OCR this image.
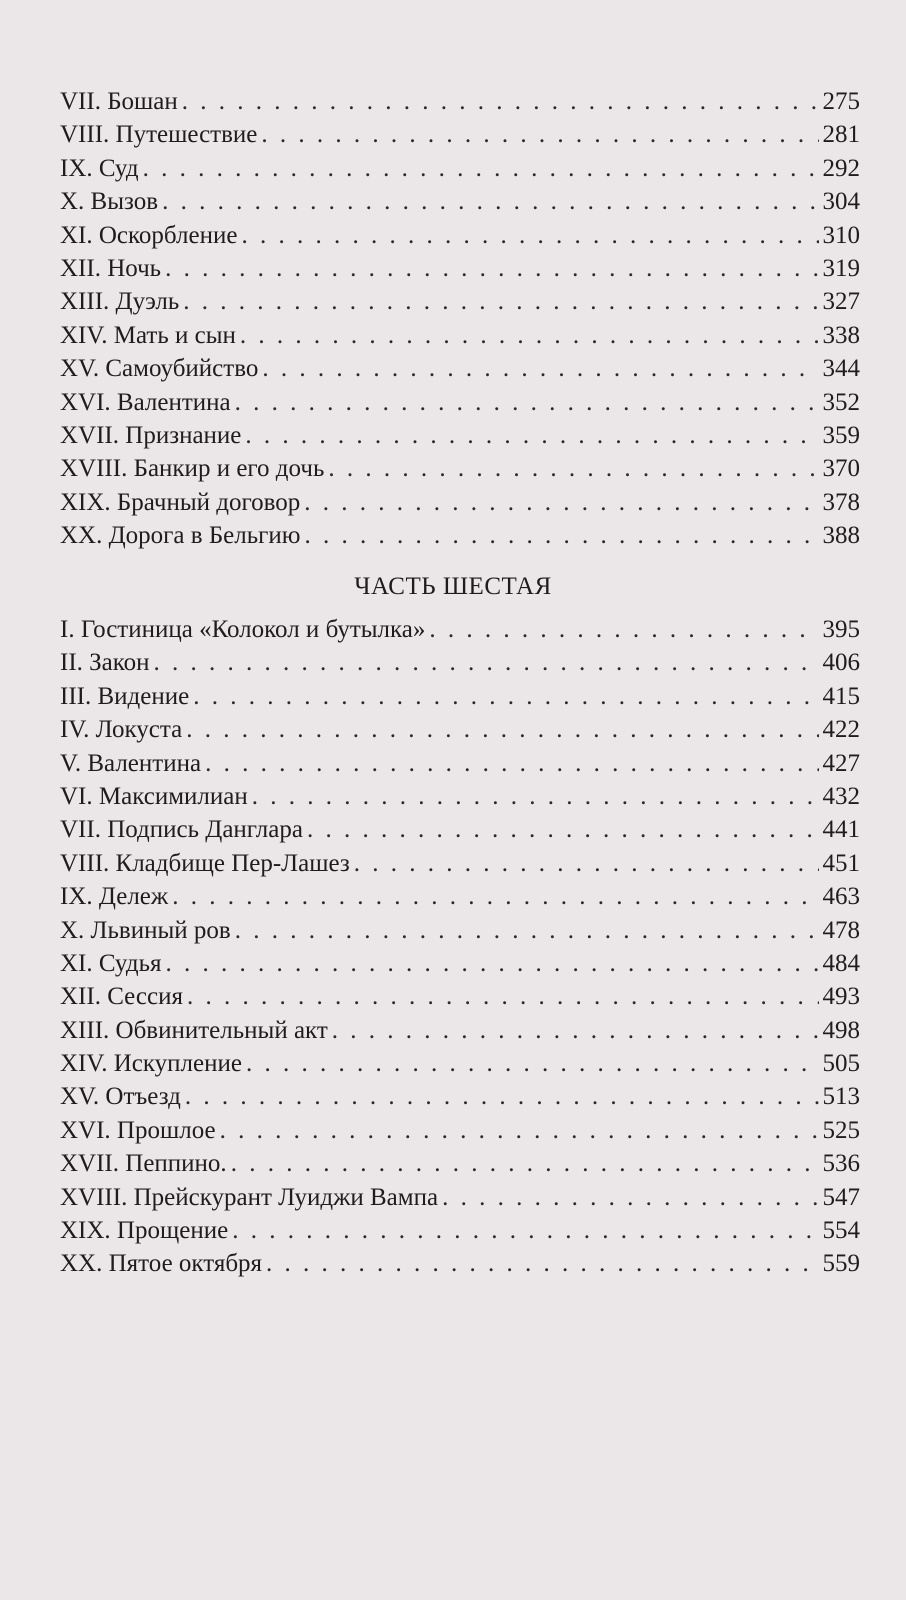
VII. Бошан . . .	275
VIII. Путешествие . . .	281
IX. Суд . . .	292
X. Вызов . . .	304
XI. Оскорбление . . .	310
XII. Ночь . . .	319
XIII. Дуэль . . .	327
XIV. Мать и сын . . .	338
XV. Самоубийство . . .	344
XVI. Валентина . . .	352
XVII. Признание . . .	359
XVIII. Банкир и его дочь . . .	370
XIX. Брачный договор . . .	378
XX. Дорога в Бельгию . . .	388
ЧАСТЬ ШЕСТАЯ
I. Гостиница «Колокол и бутылка» . . .	395
II. Закон . . .	406
III. Видение . . .	415
IV. Локуста . . .	422
V. Валентина . . .	427
VI. Максимилиан . . .	432
VII. Подпись Данглара . . .	441
VIII. Кладбище Пер-Лашез . . .	451
IX. Дележ . . .	463
X. Львиный ров . . .	478
XI. Судья . . .	484
XII. Сессия . . .	493
XIII. Обвинительный акт . . .	498
XIV. Искупление . . .	505
XV. Отъезд . . .	513
XVI. Прошлое . . .	525
XVII. Пеппино. . . .	536
XVIII. Прейскурант Луиджи Вампа . . .	547
XIX. Прощение . . .	554
XX. Пятое октября . . .	559
